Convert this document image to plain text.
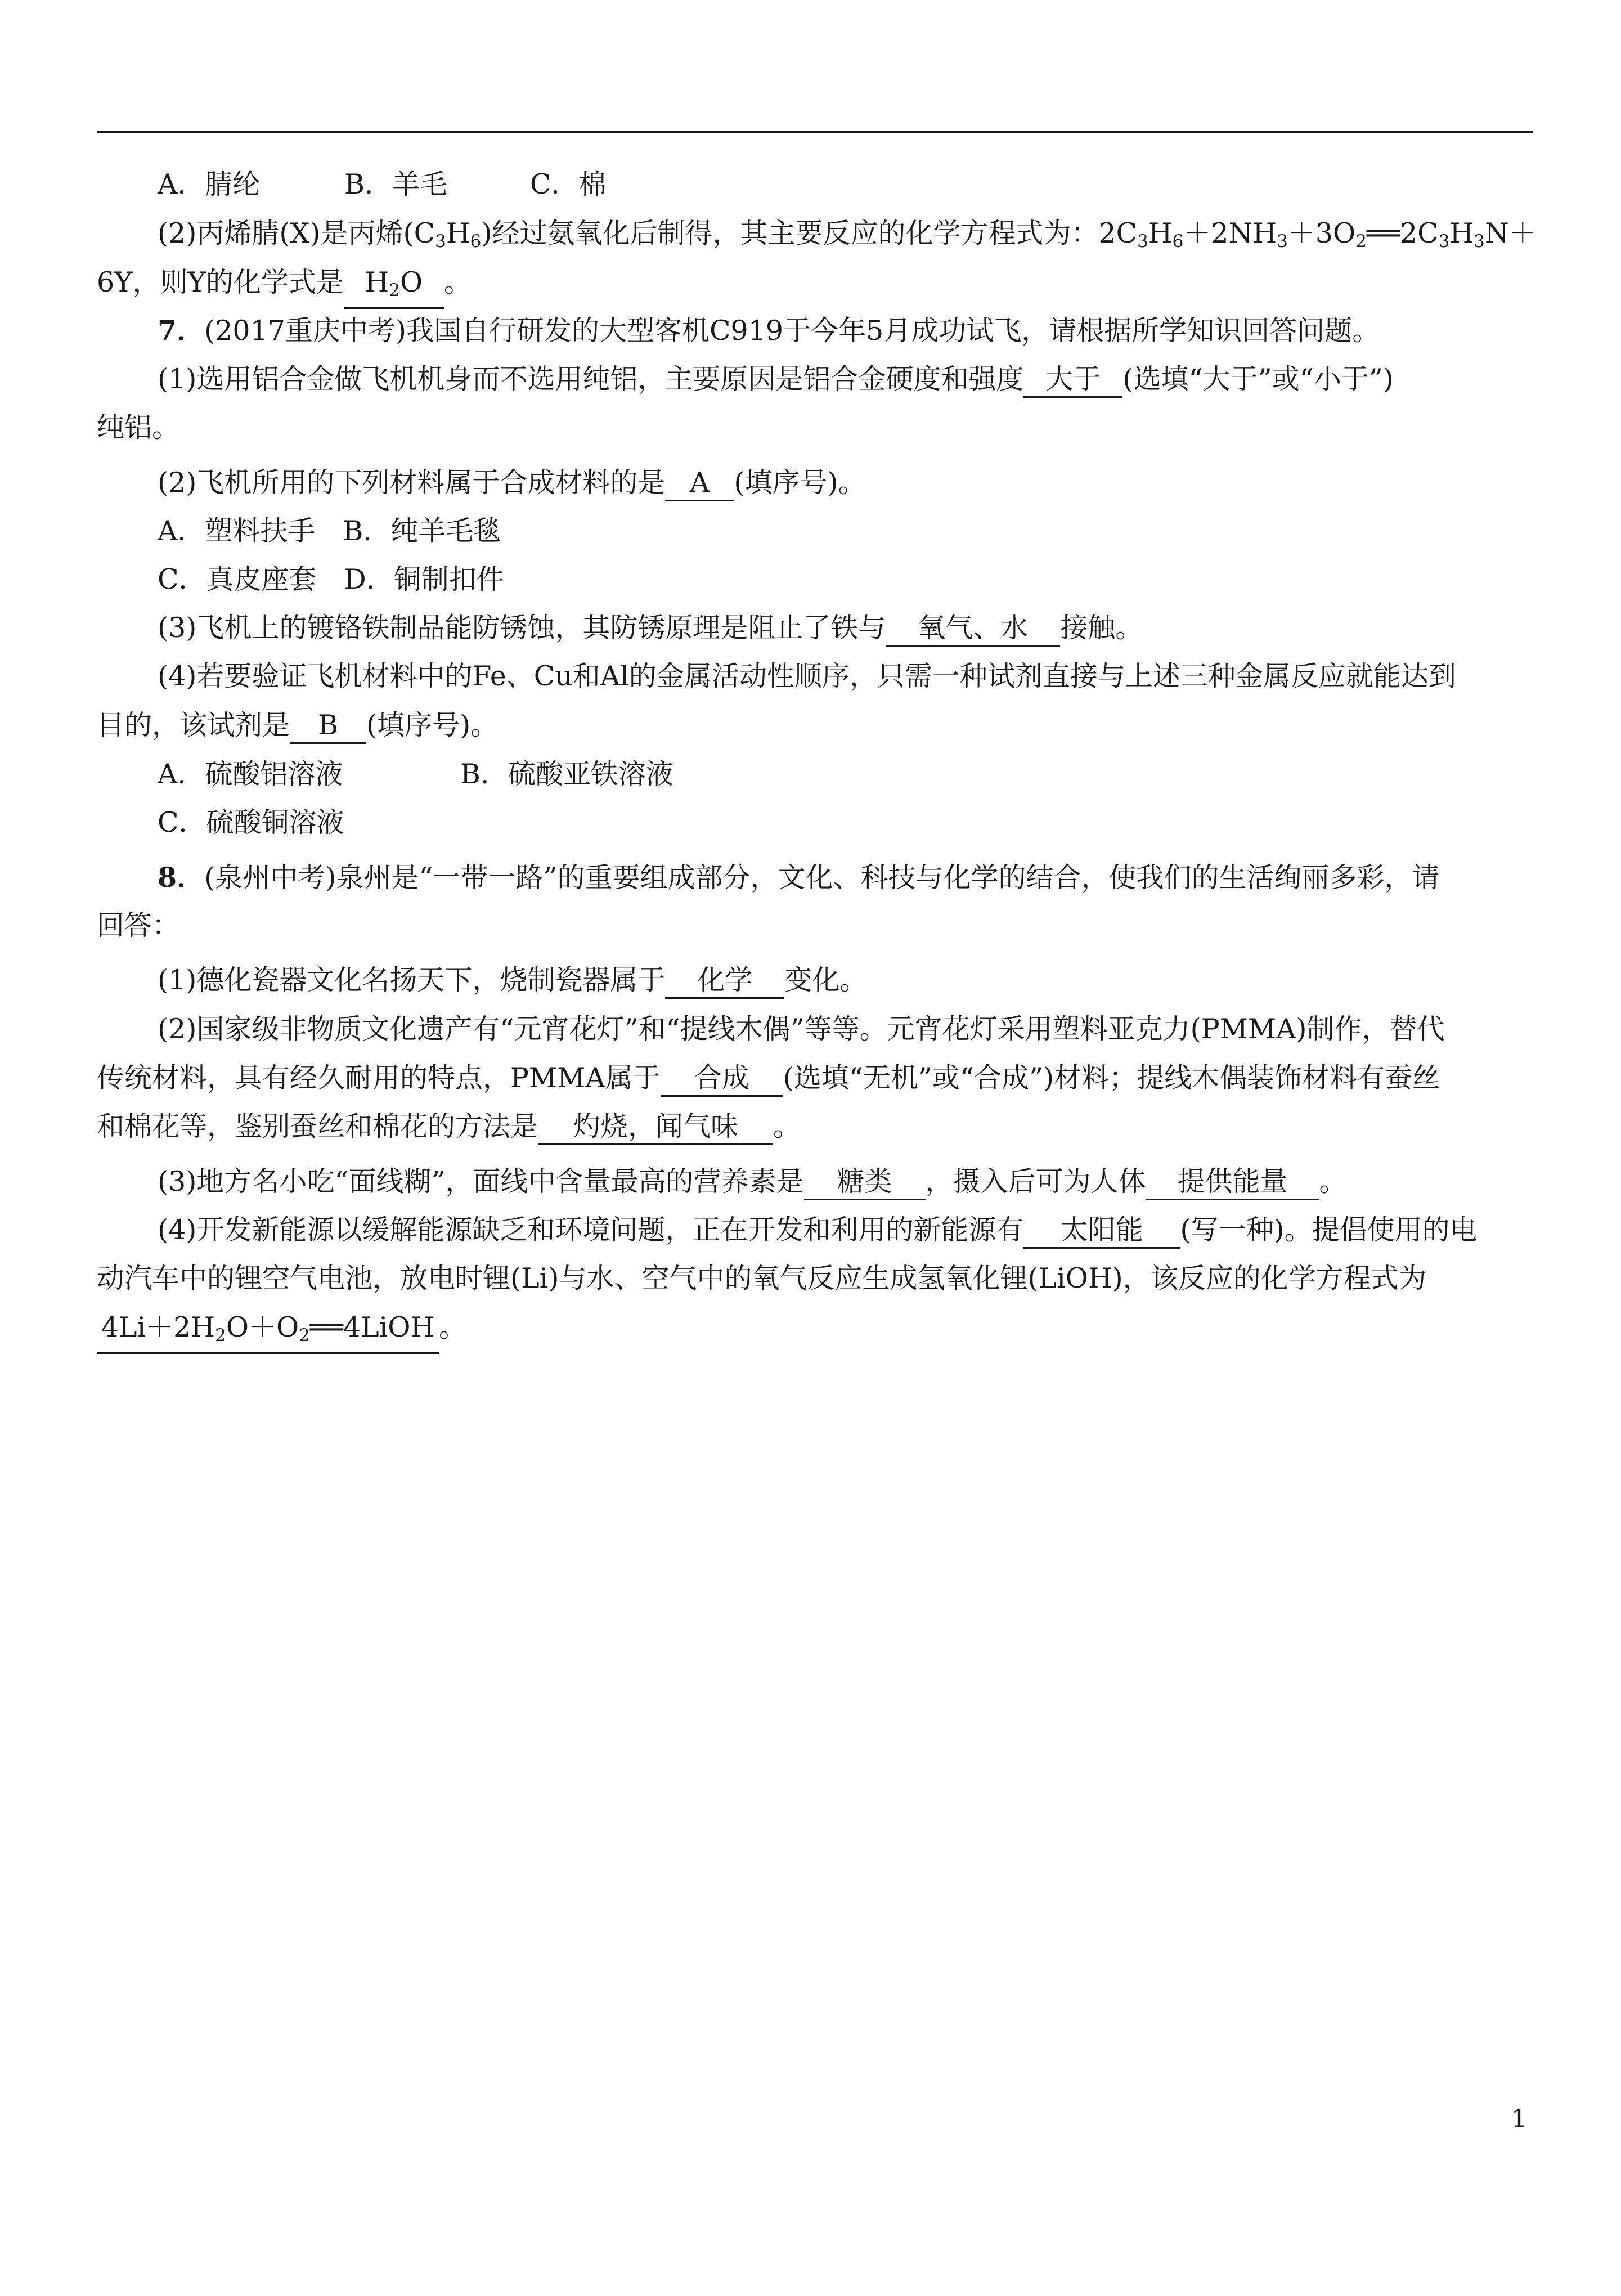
A．腈纶	B．羊毛	C．棉
(2)丙烯腈(X)是丙烯(C3H6)经过氨氧化后制得，其主要反应的化学方程式为：2C3H6＋2NH3＋3O2══2C3H3N＋
6Y，则Y的化学式是 H2O 。
7．(2017重庆中考)我国自行研发的大型客机C919于今年5月成功试飞，请根据所学知识回答问题。
(1)选用铝合金做飞机机身而不选用纯铝，主要原因是铝合金硬度和强度 大于 (选填“大于”或“小于”)
纯铝。
(2)飞机所用的下列材料属于合成材料的是 A (填序号)。
A．塑料扶手　B．纯羊毛毯
C．真皮座套　D．铜制扣件
(3)飞机上的镀铬铁制品能防锈蚀，其防锈原理是阻止了铁与 氧气、水 接触。
(4)若要验证飞机材料中的Fe、Cu和Al的金属活动性顺序，只需一种试剂直接与上述三种金属反应就能达到
目的，该试剂是 B (填序号)。
A．硫酸铝溶液	B．硫酸亚铁溶液
C．硫酸铜溶液
8．(泉州中考)泉州是“一带一路”的重要组成部分，文化、科技与化学的结合，使我们的生活绚丽多彩，请
回答：
(1)德化瓷器文化名扬天下，烧制瓷器属于 化学 变化。
(2)国家级非物质文化遗产有“元宵花灯”和“提线木偶”等等。元宵花灯采用塑料亚克力(PMMA)制作，替代
传统材料，具有经久耐用的特点，PMMA属于 合成 (选填“无机”或“合成”)材料；提线木偶装饰材料有蚕丝
和棉花等，鉴别蚕丝和棉花的方法是 灼烧，闻气味 。
(3)地方名小吃“面线糊”，面线中含量最高的营养素是 糖类 ，摄入后可为人体 提供能量 。
(4)开发新能源以缓解能源缺乏和环境问题，正在开发和利用的新能源有 太阳能 (写一种)。提倡使用的电
动汽车中的锂空气电池，放电时锂(Li)与水、空气中的氧气反应生成氢氧化锂(LiOH)，该反应的化学方程式为
4Li＋2H2O＋O2══4LiOH 。
1
